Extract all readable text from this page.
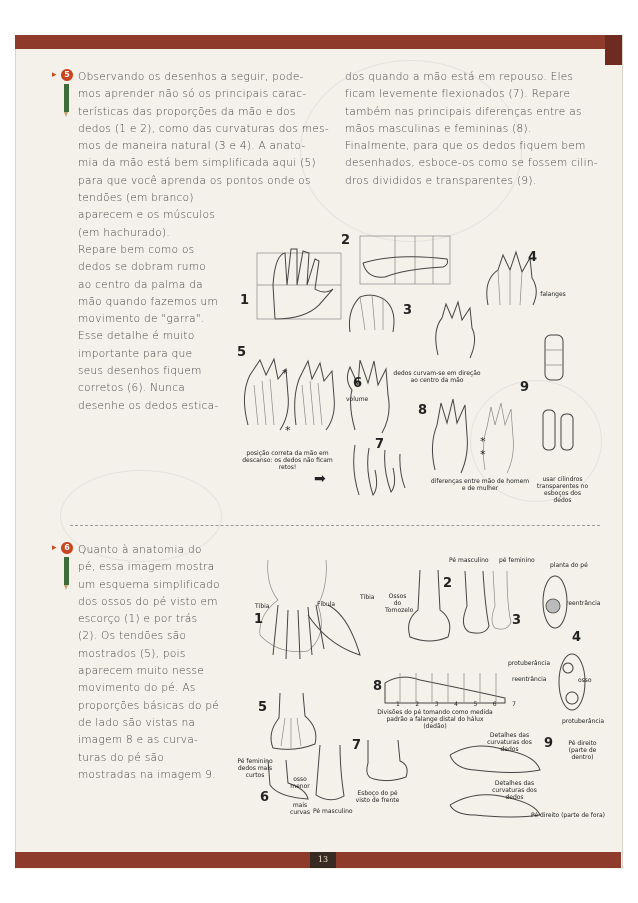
▸ 5 Observando os desenhos a seguir, pode-
mos aprender não só os principais carac-
terísticas das proporções da mão e dos
dedos (1 e 2), como das curvaturas dos mes-
mos de maneira natural (3 e 4). A anato-
mia da mão está bem simplificada aqui (5)
para que você aprenda os pontos onde os
tendões (em branco)
aparecem e os músculos
(em hachurado).
Repare bem como os
dedos se dobram rumo
ao centro da palma da
mão quando fazemos um
movimento de "garra".
Esse detalhe é muito
importante para que
seus desenhos fiquem
corretos (6). Nunca
desenhe os dedos estica-
dos quando a mão está em repouso. Eles
ficam levemente flexionados (7). Repare
também nas principais diferenças entre as
mãos masculinas e femininas (8).
Finalmente, para que os dedos fiquem bem
desenhados, esboce-os como se fossem cilin-
dros divididos e transparentes (9).
1
2
3
4
falanges
5
*
*
6
dedos curvam-se em direção ao centro da mão
volume
7
posição correta da mão em descanso: os dedos não ficam retos!
➡
8
*
*
diferenças entre mão de homem e de mulher
9
usar cilindros transparentes no esboços dos dedos
▸ 6 Quanto à anatomia do
pé, essa imagem mostra
um esquema simplificado
dos ossos do pé visto em
escorço (1) e por trás
(2). Os tendões são
mostrados (5), pois
aparecem muito nesse
movimento do pé. As
proporções básicas do pé
de lado são vistas na
imagem 8 e as curva-
turas do pé são
mostradas na imagem 9.
1
Tíbia	Fíbula
Tíbia	Ossos do Tornozelo
2
Pé masculino pé feminino
3
planta do pé
reentrância
4
protuberância
reentrância	osso
protuberância
8
1	2	3	4	5	6	7
Divisões do pé tomando como medida padrão a falange distal do hálux (dedão)
5
Pé feminino dedos mais curtos
osso menor
6
mais curvas Pé masculino
7
Esboço do pé visto de frente
9
Detalhes das curvaturas dos dedos
Pé direito (parte de dentro)
Detalhes das curvaturas dos dedos
Pé direito (parte de fora)
13
